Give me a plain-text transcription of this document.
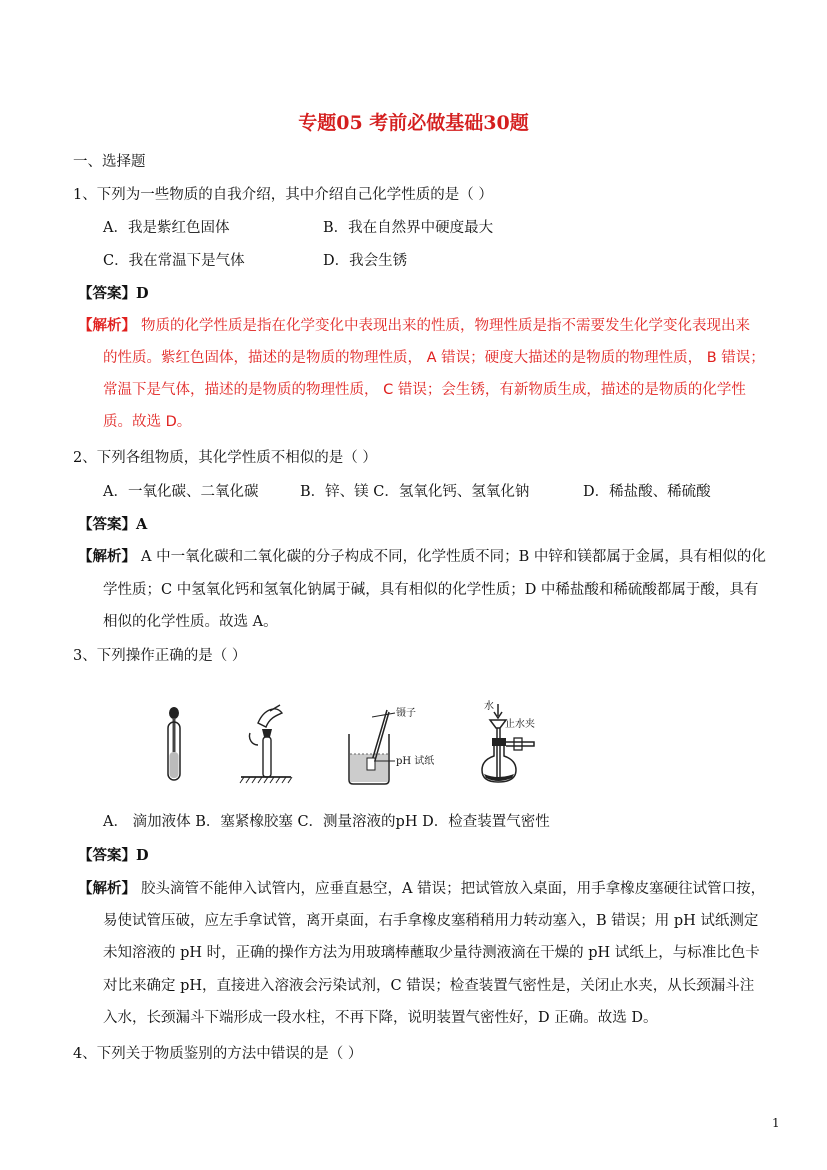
专题05 考前必做基础30题
一、选择题
1、下列为一些物质的自我介绍，其中介绍自己化学性质的是（ ）
A．我是紫红色固体	B．我在自然界中硬度最大
C．我在常温下是气体	D．我会生锈
【答案】D
【解析】 物质的化学性质是指在化学变化中表现出来的性质，物理性质是指不需要发生化学变化表现出来
的性质。紫红色固体，描述的是物质的物理性质， A 错误；硬度大描述的是物质的物理性质， B 错误；
常温下是气体，描述的是物质的物理性质， C 错误；会生锈，有新物质生成，描述的是物质的化学性
质。故选 D。
2、下列各组物质，其化学性质不相似的是（ ）
A．一氧化碳、二氧化碳	B．锌、镁 C．氢氧化钙、氢氧化钠	D．稀盐酸、稀硫酸
【答案】A
【解析】 A 中一氧化碳和二氧化碳的分子构成不同，化学性质不同；B 中锌和镁都属于金属，具有相似的化
学性质；C 中氢氧化钙和氢氧化钠属于碱，具有相似的化学性质；D 中稀盐酸和稀硫酸都属于酸，具有
相似的化学性质。故选 A。
3、下列操作正确的是（ ）
镊子
pH 试纸
水
止水夹
A． 滴加液体 B．塞紧橡胶塞 C．测量溶液的pH D．检查装置气密性
【答案】D
【解析】 胶头滴管不能伸入试管内，应垂直悬空，A 错误；把试管放入桌面，用手拿橡皮塞硬往试管口按，
易使试管压破，应左手拿试管，离开桌面，右手拿橡皮塞稍稍用力转动塞入，B 错误；用 pH 试纸测定
未知溶液的 pH 时，正确的操作方法为用玻璃棒蘸取少量待测液滴在干燥的 pH 试纸上，与标准比色卡
对比来确定 pH，直接进入溶液会污染试剂，C 错误；检查装置气密性是，关闭止水夹，从长颈漏斗注
入水，长颈漏斗下端形成一段水柱，不再下降，说明装置气密性好，D 正确。故选 D。
4、下列关于物质鉴别的方法中错误的是（ ）
1
